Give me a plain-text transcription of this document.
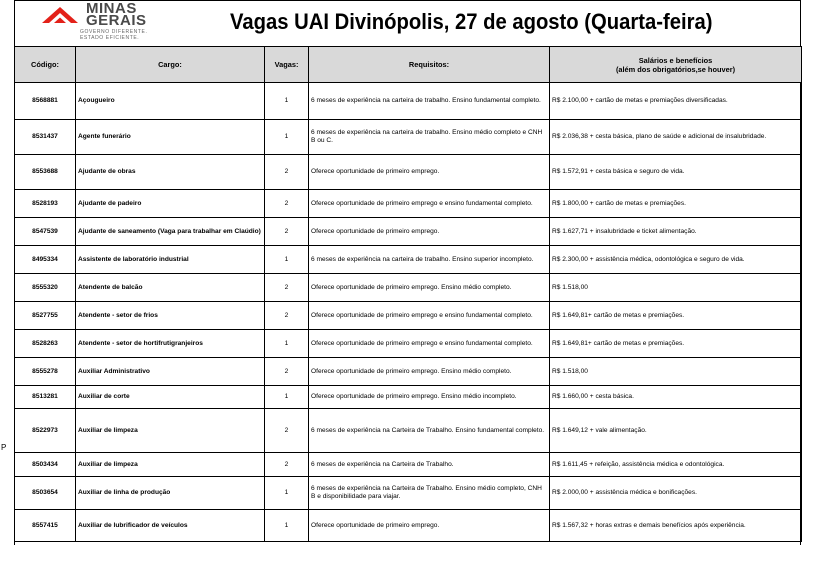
P
MINAS
GERAIS
GOVERNO DIFERENTE.
ESTADO EFICIENTE.
Vagas UAI Divinópolis, 27 de agosto (Quarta-feira)
Código:	Cargo:	Vagas:	Requisitos:	Salários e benefícios
(além dos obrigatórios,se houver)
8568881	Açougueiro	1	6 meses de experiência na carteira de trabalho. Ensino fundamental completo.	R$ 2.100,00 + cartão de metas e premiações diversificadas.
8531437	Agente funerário	1	6 meses de experiência na carteira de trabalho. Ensino médio completo e CNH B ou C.	R$ 2.036,38 + cesta básica, plano de saúde e adicional de insalubridade.
8553688	Ajudante de obras	2	Oferece oportunidade de primeiro emprego.	R$ 1.572,91 + cesta básica e seguro de vida.
8528193	Ajudante de padeiro	2	Oferece oportunidade de primeiro emprego e ensino fundamental completo.	R$ 1.800,00 + cartão de metas e premiações.
8547539	Ajudante de saneamento (Vaga para trabalhar em Claúdio)	2	Oferece oportunidade de primeiro emprego.	R$ 1.627,71 + insalubridade e ticket alimentação.
8495334	Assistente de laboratório industrial	1	6 meses de experiência na carteira de trabalho. Ensino superior incompleto.	R$ 2.300,00 + assistência médica, odontológica e seguro de vida.
8555320	Atendente de balcão	2	Oferece oportunidade de primeiro emprego. Ensino médio completo.	R$ 1.518,00
8527755	Atendente - setor de frios	2	Oferece oportunidade de primeiro emprego e ensino fundamental completo.	R$ 1.649,81+ cartão de metas e premiações.
8528263	Atendente - setor de hortifrutigranjeiros	1	Oferece oportunidade de primeiro emprego e ensino fundamental completo.	R$ 1.649,81+ cartão de metas e premiações.
8555278	Auxiliar Administrativo	2	Oferece oportunidade de primeiro emprego. Ensino médio completo.	R$ 1.518,00
8513281	Auxiliar de corte	1	Oferece oportunidade de primeiro emprego. Ensino médio incompleto.	R$ 1.660,00 + cesta básica.
8522973	Auxiliar de limpeza	2	6 meses de experiência na Carteira de Trabalho. Ensino fundamental completo.	R$ 1.649,12 + vale alimentação.
8503434	Auxiliar de limpeza	2	6 meses de experiência na Carteira de Trabalho.	R$ 1.611,45 + refeição, assistência médica e odontológica.
8503654	Auxiliar de linha de produção	1	6 meses de experiência na Carteira de Trabalho. Ensino médio completo, CNH B e disponibilidade para viajar.	R$ 2.000,00 + assistência médica e bonificações.
8557415	Auxiliar de lubrificador de veículos	1	Oferece oportunidade de primeiro emprego.	R$ 1.567,32 + horas extras e demais benefícios após experiência.
